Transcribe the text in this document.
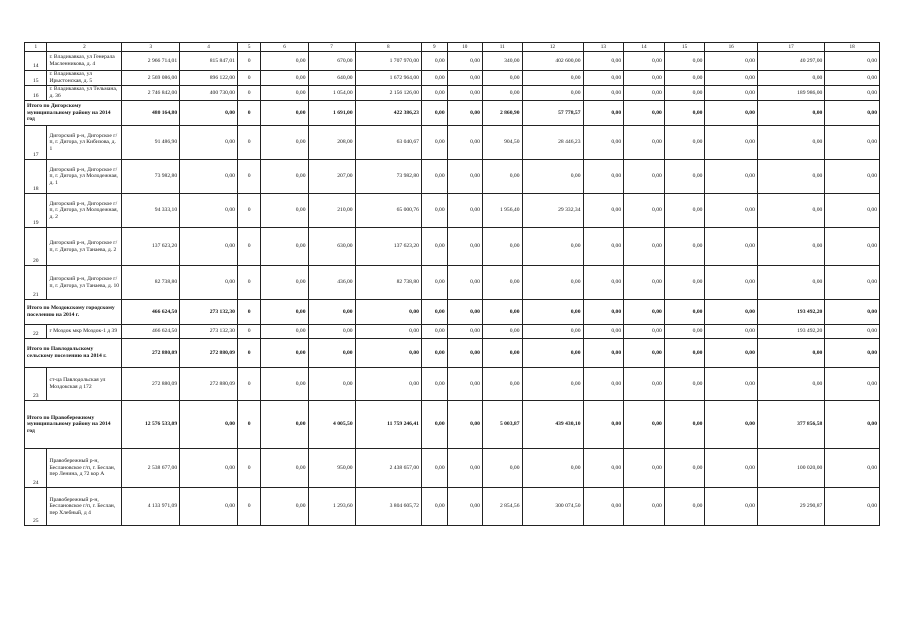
1	2	3	4	5	6	7	8	9	10	11	12	13	14	15	16	17	18
14	г. Владикавказ, ул Генерала Масленникова, д. 4	2 966 714,01	815 847,01	0	0,00	670,00	1 707 970,00	0,00	0,00	340,00	402 600,00	0,00	0,00	0,00	0,00	40 297,00	0,00
15	г. Владикавказ, ул Ирыстонская, д. 5	2 569 086,00	896 122,00	0	0,00	640,00	1 672 964,00	0,00	0,00	0,00	0,00	0,00	0,00	0,00	0,00	0,00	0,00
16	г. Владикавказ, ул Тельмана, д. 36	2 746 842,00	400 730,00	0	0,00	1 054,00	2 156 126,00	0,00	0,00	0,00	0,00	0,00	0,00	0,00	0,00	189 986,00	0,00
Итого по Дигорскому муниципальному району на 2014 год		480 164,80	0,00	0	0,00	1 691,00	422 386,23	0,00	0,00	2 860,90	57 778,57	0,00	0,00	0,00	0,00	0,00	0,00
17	Дигорский р-н, Дигорское г/п, г. Дигора, ул Кибизова, д. 1	91 486,90	0,00	0	0,00	208,00	63 040,67	0,00	0,00	904,50	28 446,23	0,00	0,00	0,00	0,00	0,00	0,00
18	Дигорский р-н, Дигорское г/п, г. Дигора, ул Молодежная, д. 1	73 982,80	0,00	0	0,00	207,00	73 982,80	0,00	0,00	0,00	0,00	0,00	0,00	0,00	0,00	0,00	0,00
19	Дигорский р-н, Дигорское г/п, г. Дигора, ул Молодежная, д. 2	94 333,10	0,00	0	0,00	210,00	65 000,76	0,00	0,00	1 956,40	29 332,34	0,00	0,00	0,00	0,00	0,00	0,00
20	Дигорский р-н, Дигорское г/п, г. Дигора, ул Танаева, д. 2	137 623,20	0,00	0	0,00	630,00	137 623,20	0,00	0,00	0,00	0,00	0,00	0,00	0,00	0,00	0,00	0,00
21	Дигорский р-н, Дигорское г/п, г. Дигора, ул Танаева, д. 10	82 738,80	0,00	0	0,00	436,00	82 738,80	0,00	0,00	0,00	0,00	0,00	0,00	0,00	0,00	0,00	0,00
Итого по Моздокскому городскому поселению на 2014 г.		466 624,50	273 132,30	0	0,00	0,00	0,00	0,00	0,00	0,00	0,00	0,00	0,00	0,00	0,00	193 492,20	0,00
22	г Моздок мкр Моздок-1 д 39	466 624,50	273 132,30	0	0,00	0,00	0,00	0,00	0,00	0,00	0,00	0,00	0,00	0,00	0,00	193 492,20	0,00
Итого по Павлодольскому сельскому поселению на 2014 г.		272 880,09	272 880,09	0	0,00	0,00	0,00	0,00	0,00	0,00	0,00	0,00	0,00	0,00	0,00	0,00	0,00
23	ст-ца Павлодольская ул Моздокская д 172	272 880,09	272 880,09	0	0,00	0,00	0,00	0,00	0,00	0,00	0,00	0,00	0,00	0,00	0,00	0,00	0,00
Итого по Правобережному муниципальному району на 2014 год		12 576 533,09	0,00	0	0,00	4 005,50	11 759 246,41	0,00	0,00	5 003,87	439 430,10	0,00	0,00	0,00	0,00	377 856,58	0,00
24	Правобережный р-н, Беслановское г/п, г. Беслан, пер Ленина, д 72 кор А	2 538 677,00	0,00	0	0,00	950,00	2 438 657,00	0,00	0,00	0,00	0,00	0,00	0,00	0,00	0,00	100 020,00	0,00
25	Правобережный р-н, Беслановское г/п, г. Беслан, пер Хлебный, д 4	4 133 971,09	0,00	0	0,00	1 293,60	3 804 605,72	0,00	0,00	2 854,56	300 074,50	0,00	0,00	0,00	0,00	29 290,87	0,00
